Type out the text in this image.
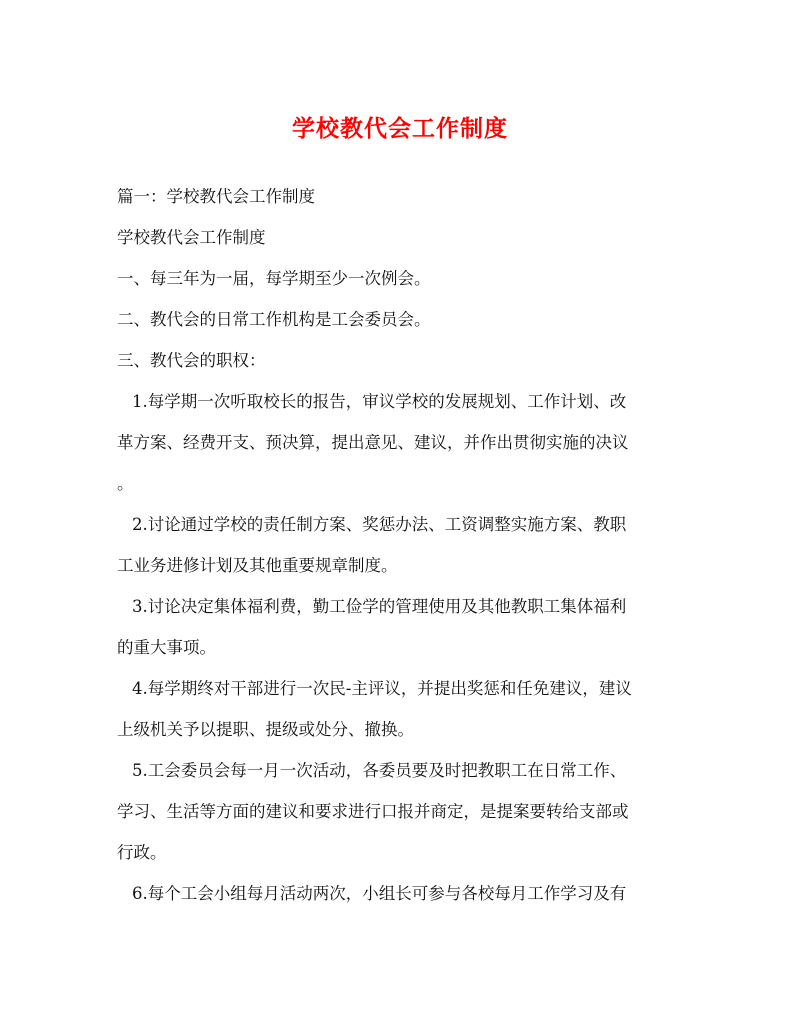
学校教代会工作制度
篇一：学校教代会工作制度
学校教代会工作制度
一、每三年为一届，每学期至少一次例会。
二、教代会的日常工作机构是工会委员会。
三、教代会的职权：
1.每学期一次听取校长的报告，审议学校的发展规划、工作计划、改
革方案、经费开支、预决算，提出意见、建议，并作出贯彻实施的决议
。
2.讨论通过学校的责任制方案、奖惩办法、工资调整实施方案、教职
工业务进修计划及其他重要规章制度。
3.讨论决定集体福利费，勤工俭学的管理使用及其他教职工集体福利
的重大事项。
4.每学期终对干部进行一次民-主评议，并提出奖惩和任免建议，建议
上级机关予以提职、提级或处分、撤换。
5.工会委员会每一月一次活动，各委员要及时把教职工在日常工作、
学习、生活等方面的建议和要求进行口报并商定，是提案要转给支部或
行政。
6.每个工会小组每月活动两次，小组长可参与各校每月工作学习及有
